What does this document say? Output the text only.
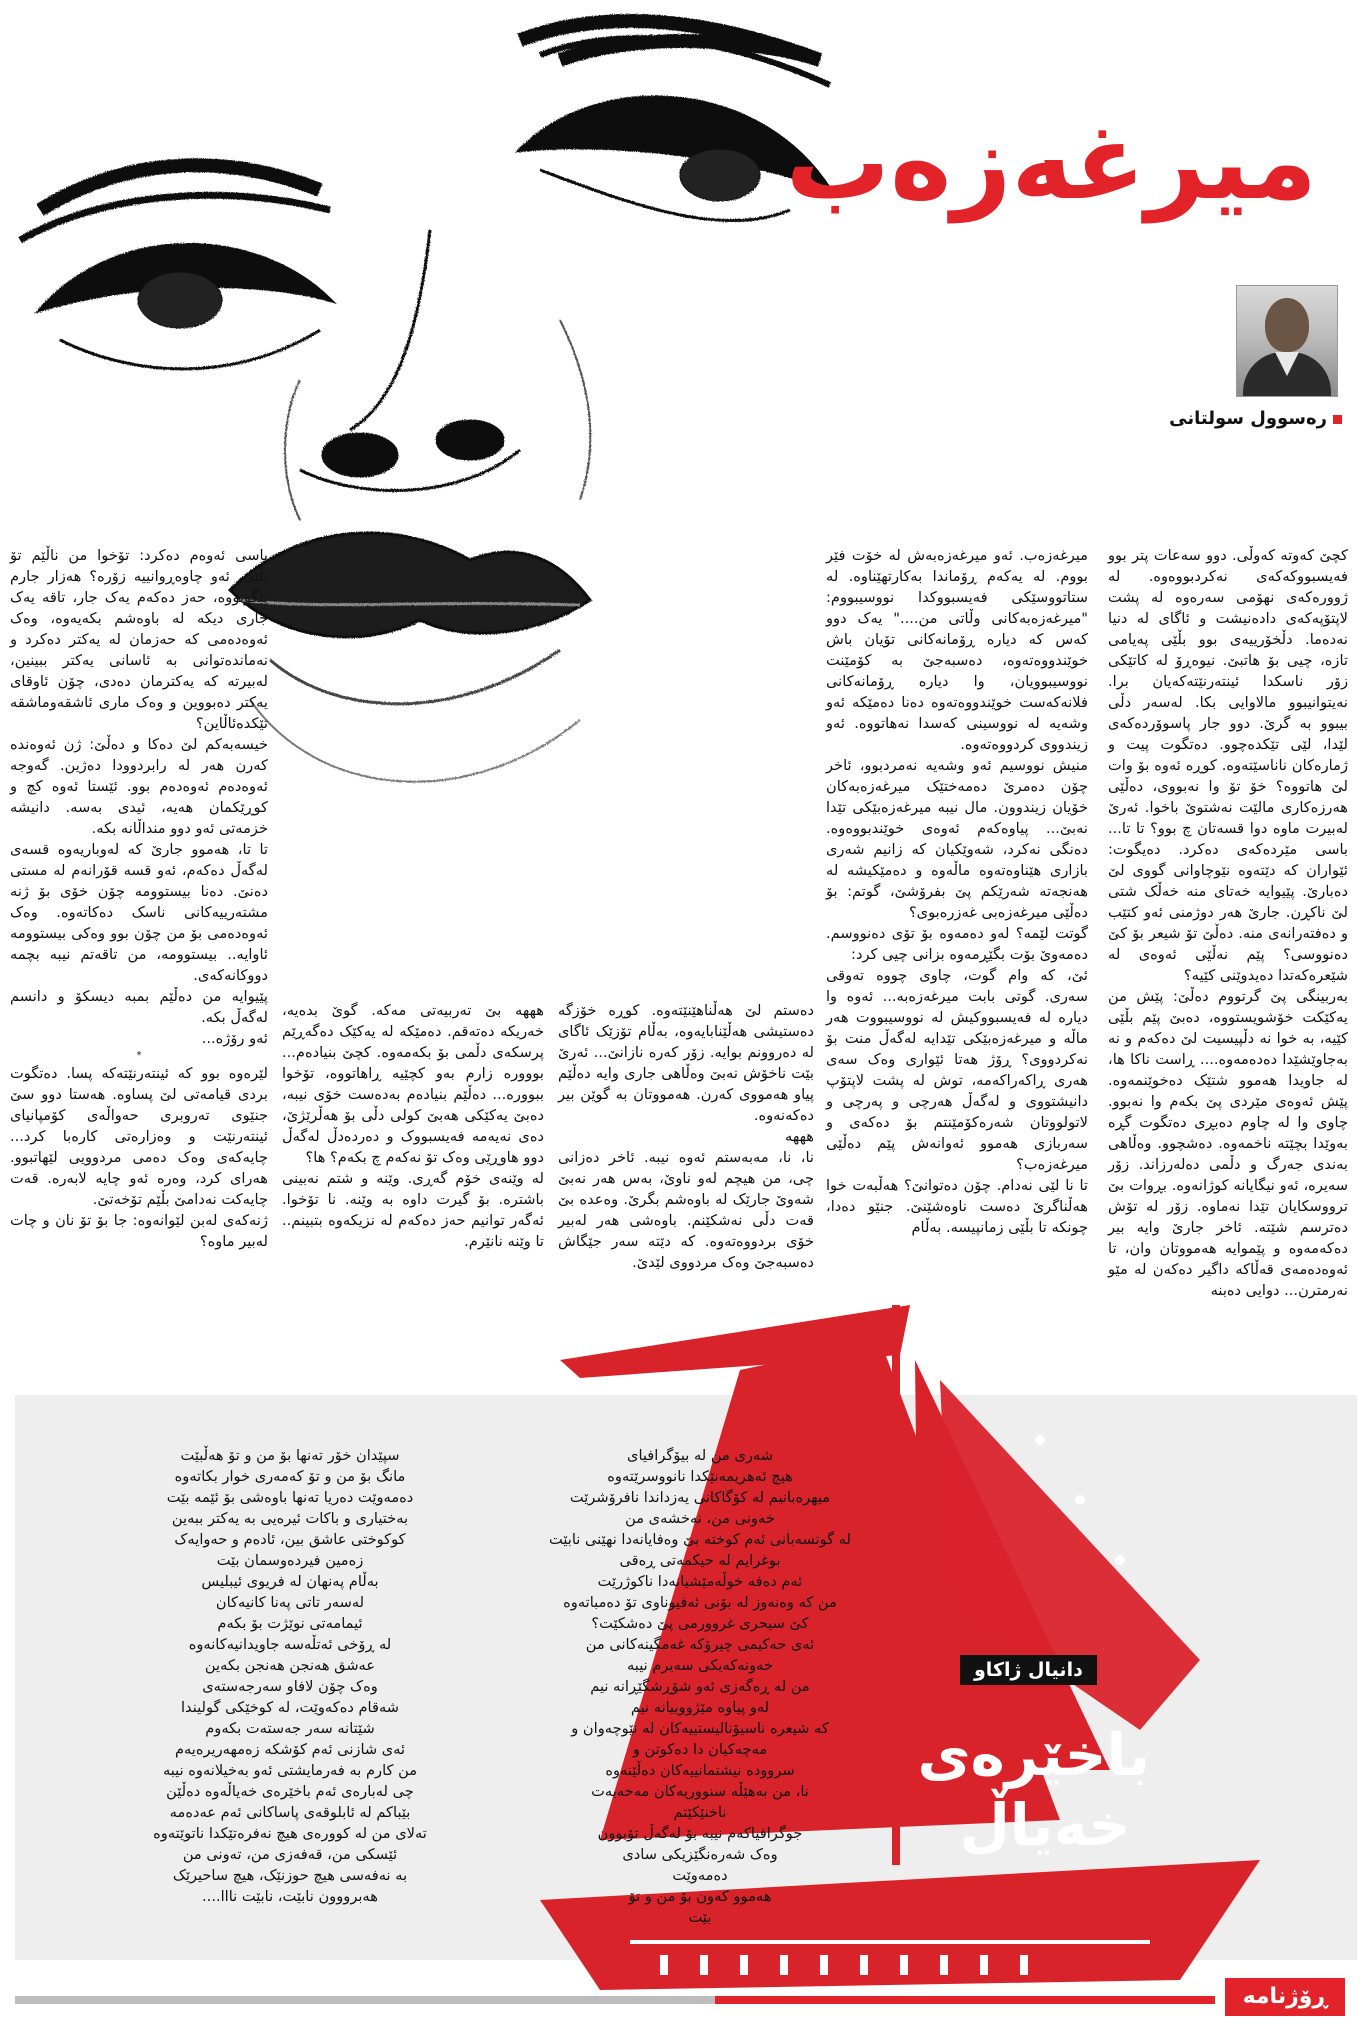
میرغەزەب
رەسوول سولتانی

کچێ کەوتە کەوڵی. دوو سەعات پتر بوو فەیسبووکەکەی نەکردبووەوە. لە ژوورەکەی نهۆمی سەرەوە لە پشت لاپتۆپەکەی دادەنیشت و ئاگای لە دنیا نەدەما. دڵخۆرییەی بوو بڵێی پەیامی تازە، چیی بۆ هاتبێ. نیوەڕۆ لە کاتێکی زۆر ناسکدا ئینتەرنێتەکەیان برا. نەیتوانیبوو مالاوایی بکا. لەسەر دڵی بیبوو بە گرێ. دوو جار پاسوۆردەکەی لێدا، لێی تێکدەچوو. دەتگوت پیت و ژمارەکان ناناسێتەوە. کوڕە ئەوە بۆ وات لێ هاتووە؟ خۆ تۆ وا نەبووی، دەڵێی هەرزەکاری مالێت نەشتوێ باخوا. ئەرێ لەبیرت ماوە دوا قسەتان چ بوو؟ تا تا... باسی مێردەکەی دەکرد. دەیگوت: ئێواران کە دێتەوە نێوچاوانی گووی لێ دەبارێ. پێیوایە خەتای منە خەڵک شتی لێ ناکڕن. جارێ هەر دوژمنی ئەو کتێب و دەفتەرانەی منە. دەڵێ تۆ شیعر بۆ کێ دەنووسی؟ پێم نەڵێی ئەوەی لە شێعرەکەتدا دەیدوێنی کێیە؟

بەربینگی پێ گرتووم دەڵێ: پێش من یەکێکت خۆشویستووە، دەبێ پێم بڵێی کێیە، بە خوا نە دڵپیسیت لێ دەکەم و نە بەجاوێشێدا دەدەمەوە.... ڕاست ناکا ها، لە جاویدا هەموو شتێک دەخوێنمەوە. پێش ئەوەی مێردی پێ بکەم وا نەبوو. چاوی وا لە چاوم دەبڕی دەتگوت گڕە بەوێدا بچێتە ناخمەوە. دەشچوو. وەڵاهی بەندی جەرگ و دڵمی دەلەرزاند. زۆر سەیرە، ئەو نیگایانە کوژانەوە. بڕوات بێ ترووسکایان تێدا نەماوە. زۆر لە تۆش دەترسم شێتە. ئاخر جارێ وایە بیر دەکەمەوە و پێموایە هەمووتان وان، تا ئەوەدەمەی قەڵاکە داگیر دەکەن لە مێو نەرمترن... دوایی دەبنە

میرغەزەب. ئەو میرغەزەبەش لە خۆت فێر بووم. لە یەکەم ڕۆماندا بەکارتهێناوە. لە ستاتووسێکی فەیسبووکدا نووسیبووم: "میرغەزەبەکانی وڵاتی من...." یەک دوو کەس کە دیارە ڕۆمانەکانی تۆیان باش خوێندووەتەوە، دەسبەجێ بە کۆمێنت نووسیبوویان، وا دیارە ڕۆمانەکانی فلانەکەست خوێندووەتەوە دەنا دەمێکە ئەو وشەیە لە نووسینی کەسدا نەهاتووە. ئەو زیندووی کردووەتەوە.

منیش نووسیم ئەو وشەیە نەمردبوو، ئاخر چۆن دەمرێ دەمەختێک میرغەزەبەکان خۆیان زیندوون. مال نیبە میرغەزەبێکی تێدا نەبێ... پیاوەکەم ئەوەی خوێندبووەوە. دەنگی نەکرد، شەوێکیان کە زانیم شەری بازاری هێناوەتەوە ماڵەوە و دەمێکیشە لە هەنجەتە شەرێکم پێ بفرۆشێ، گوتم: بۆ دەڵێی میرغەزەبی غەزرەبوی؟

گوتت لێمە؟ لەو دەمەوە بۆ تۆی دەنووسم. دەمەوێ بۆت بگێڕمەوە بزانی چیی کرد:

ئێ، کە وام گوت، چاوی چووە تەوقی سەری. گوتی بابت میرغەزەبە... ئەوە وا دیارە لە فەیسبووکیش لە نووسیبووت هەر ماڵە و میرغەزەبێکی تێدایە لەگەڵ منت بۆ نەکردووی؟ ڕۆژ هەتا ئێواری وەک سەی هەری ڕاکەراکەمە، توش لە پشت لاپتۆپ دانیشتووی و لەگەڵ هەرچی و پەرچی و لاتولووتان شەرەکۆمێنتم بۆ دەکەی و سەربازی هەموو ئەوانەش پێم دەڵێی میرغەزەب؟

تا نا لێی نەدام. چۆن دەتوانێ؟ هەڵبەت خوا هەڵناگرێ دەست ناوەشێنێ. جنێو دەدا، چونکە تا بڵێی زمانپیسە. بەڵام

دەستم لێ هەڵناهێنێتەوە. کوڕە خۆزگە دەستیشی هەڵێنابایەوە، بەڵام تۆزێک ئاگای لە دەروونم بوایە. زۆر کەرە نازانێ... ئەرێ بێت ناخۆش نەبێ وەڵاهی جاری وایە دەڵێم پیاو هەمووی کەرن. هەمووتان بە گوێن بیر دەکەنەوە.

هههه

نا، نا، مەبەستم ئەوە نیبە. ئاخر دەزانی چی، من هیچم لەو ناوێ، بەس هەر نەبێ شەوێ جارێک لە باوەشم بگرێ. وەعدە بێ قەت دڵی نەشکێنم. باوەشی هەر لەبیر خۆی بردووەتەوە. کە دێتە سەر جێگاش دەسبەجێ وەک مردووی لێدێ.

هههه بێ تەربیەتی مەکە. گوێ بدەیە، خەریکە دەتەقم. دەمێکە لە یەکێک دەگەڕێم پرسکەی دڵمی بۆ بکەمەوە. کچێ بنیادەم... بووورە زارم بەو کچێیە ڕاهاتووە، تۆخوا ببوورە... دەڵێم بنیادەم بەدەست خۆی نیبە، دەبێ یەکێکی هەبێ کولی دڵی بۆ هەڵرێژێ، دەی نەیەمە فەیسبووک و دەردەدڵ لەگەڵ دوو هاوڕێی وەک تۆ نەکەم چ بکەم؟ ها؟

لە وێنەی خۆم گەڕی. وێنە و شتم نەبینی باشترە. بۆ گیرت داوە بە وێنە. نا تۆخوا. ئەگەر توانیم حەز دەکەم لە نزیکەوە بتبینم.. تا وێنە نانێرم.

باسی ئەوەم دەکرد: تۆخوا من ناڵێم تۆ بڵێی، ئەو چاوەڕوانییە زۆرە؟ هەزار جارم پێگوتووە، حەز دەکەم یەک جار، تاقە یەک جاری دیکە لە باوەشم بکەیەوە، وەک ئەوەدەمی کە حەزمان لە یەکتر دەکرد و نەماندەتوانی بە ئاسانی یەکتر ببینین، لەبیرتە کە یەکترمان دەدی، چۆن ئاوقای یەکتر دەبووین و وەک ماری ئاشقەوماشقە تێکدەئاڵاین؟

خیسەبەکم لێ دەکا و دەڵێ: ژن ئەوەندە کەرن هەر لە رابردوودا دەژین. گەوجە ئەوەدەم ئەوەدەم بوو. ئێستا ئەوە کچ و کوڕێکمان هەیە، ئیدی بەسە. دانیشە خزمەتی ئەو دوو منداڵانە بکە.

تا تا، هەموو جارێ کە لەوباریەوە قسەی لەگەڵ دەکەم، ئەو قسە قۆرانەم لە مستی دەنێ. دەنا بیستوومە چۆن خۆی بۆ ژنە مشتەرییەکانی ناسک دەکاتەوە. وەک ئەوەدەمی بۆ من چۆن بوو وەکی بیستوومە ئاوایە.. بیستوومە، من تاقەتم نیبە بچمە دووکانەکەی.

پێیوایە من دەڵێم بمبە دیسکۆ و دانسم لەگەڵ بکە.

ئەو رۆژە...

*

لێرەوە بوو کە ئینتەرنێتەکە پسا. دەتگوت بردی قیامەتی لێ پساوە. هەستا دوو سێ جنێوی تەروبری حەواڵەی کۆمپانیای ئینتەرنێت و وەزارەتی کارەبا کرد... چایەکەی وەک دەمی مردوویی لێهاتبوو. هەرای کرد، وەرە ئەو چایە لابەرە. قەت چایەکت نەدامێ بڵێم تۆخەتێ.

ژنەکەی لەبن لێوانەوە: جا بۆ تۆ نان و چات لەبیر ماوە؟

دانیال ژاکاو
باخێرەی
خەیاڵ
شەری من لە بیۆگرافیای
هیچ ئەهریمەنێکدا نانووسرێتەوە
میهرەبانیم لە کۆگاکانی یەزداندا نافرۆشرێت
خەونی من، نەخشەی من
لە گوتسەبانی ئەم کوختە بێ وەفایانەدا نهێنی نابێت
بوغرایم لە حیکمەتی ڕەقی
ئەم دەفە خوڵەمێشیانەدا ناکوژرێت
من کە وەنەوز لە بۆنی ئەفیوناوی تۆ دەمباتەوە
کێ سیحری غروورمی پێ دەشکێت؟
ئەی حەکیمی چیرۆکە غەمگینەکانی من
خەونەکەیکی سەیرم نیبە
من لە ڕەگەزی ئەو شۆڕشگێڕانە نیم
لەو پیاوە مێژووییانە نیم
کە شیعرە ناسیۆنالیستییەکان لە نێوچەوان و
مەچەکیان دا دەکوتن و
سروودە نیشتمانییەکان دەڵێنەوە
نا، من بەهێڵە سنووریەکان مەحەبەت
ناخنێکێتم
جوگرافیاکەم نیبە بۆ لەگەڵ تۆبوون
وەک شەرەنگێزیکی سادی
دەمەوێت
هەموو کەون بۆ من و تۆ
بێت
سپێدان خۆر تەنها بۆ من و تۆ هەڵبێت
مانگ بۆ من و تۆ کەمەری خوار بکاتەوە
دەمەوێت دەریا تەنها باوەشی بۆ ئێمە بێت
بەختیاری و باکات ئیرەیی بە یەکتر ببەین
کوکوختی عاشق بین، ئادەم و حەوایەک
زەمین فیردەوسمان بێت
بەڵام پەنهان لە فریوی ئیبلیس
لەسەر تاتی پەنا کانیەکان
ئیمامەتی نوێژت بۆ بکەم
لە ڕۆخی ئەتڵەسە جاویدانیەکانەوە
عەشق هەنجن هەنجن بکەین
وەک چۆن لافاو سەرجەستەی
شەقام دەکەوێت، لە کوخێکی گولیندا
شێتانە سەر جەستەت بکەوم
ئەی شازنی ئەم کۆشکە زەمهەریرەیەم
من کارم بە فەرمایشتی ئەو بەخیلانەوە نیبە
چی لەبارەی ئەم باخێرەی خەیاڵەوە دەڵێن
بێباکم لە ئابلوقەی پاساکانی ئەم عەدەمە
تەلای من لە کوورەی هیچ نەفرەتێکدا ناتوێتەوە
ئێسکی من، قەفەزی من، تەونی من
بە نەفەسی هیچ حوزنێک، هیچ ساحیرێک
هەبرووون نابێت، نابێت نااا....
ڕۆژنامە
